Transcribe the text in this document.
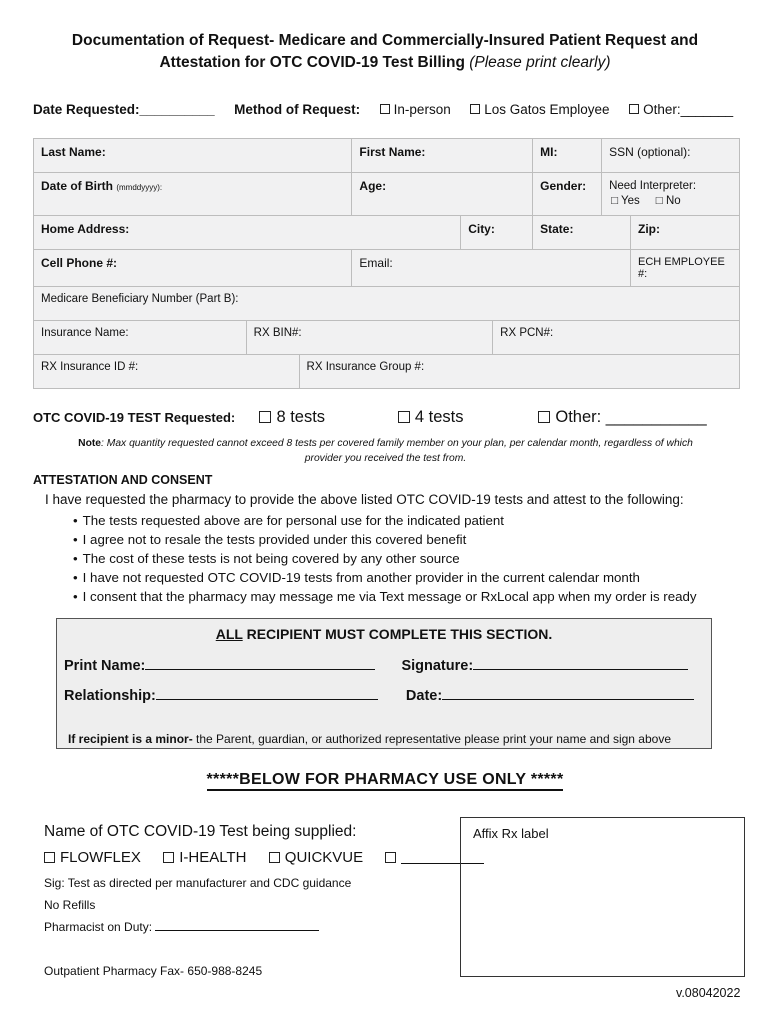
Documentation of Request- Medicare and Commercially-Insured Patient Request and
Attestation for OTC COVID-19 Test Billing (Please print clearly)
Date Requested:__________ Method of Request: In-person Los Gatos Employee Other:_______
Last Name:			First Name:			MI:	SSN (optional):	
Date of Birth (mmddyyyy):			Age:			Gender:	Need Interpreter:
□ Yes □ No	

Home Address:				City:		State:		Zip:
Cell Phone #:			Email:					ECH EMPLOYEE #:
Medicare Beneficiary Number (Part B):								
Insurance Name:	RX BIN#:				RX PCN#:			
RX Insurance ID #:		RX Insurance Group #:						
OTC COVID-19 TEST Requested: 8 tests	4 tests	Other: ___________
Note: Max quantity requested cannot exceed 8 tests per covered family member on your plan, per calendar month, regardless of which
provider you received the test from.
ATTESTATION AND CONSENT
I have requested the pharmacy to provide the above listed OTC COVID-19 tests and attest to the following:
• The tests requested above are for personal use for the indicated patient
• I agree not to resale the tests provided under this covered benefit
• The cost of these tests is not being covered by any other source
• I have not requested OTC COVID-19 tests from another provider in the current calendar month
• I consent that the pharmacy may message me via Text message or RxLocal app when my order is ready
ALL RECIPIENT MUST COMPLETE THIS SECTION.
Print Name:	Signature:
Relationship:	Date:
If recipient is a minor- the Parent, guardian, or authorized representative please print your name and sign above
*****BELOW FOR PHARMACY USE ONLY *****
Name of OTC COVID-19 Test being supplied:
FLOWFLEX	I-HEALTH	QUICKVUE
Sig: Test as directed per manufacturer and CDC guidance
No Refills
Pharmacist on Duty:
Outpatient Pharmacy Fax- 650-988-8245
Affix Rx label
v.08042022
